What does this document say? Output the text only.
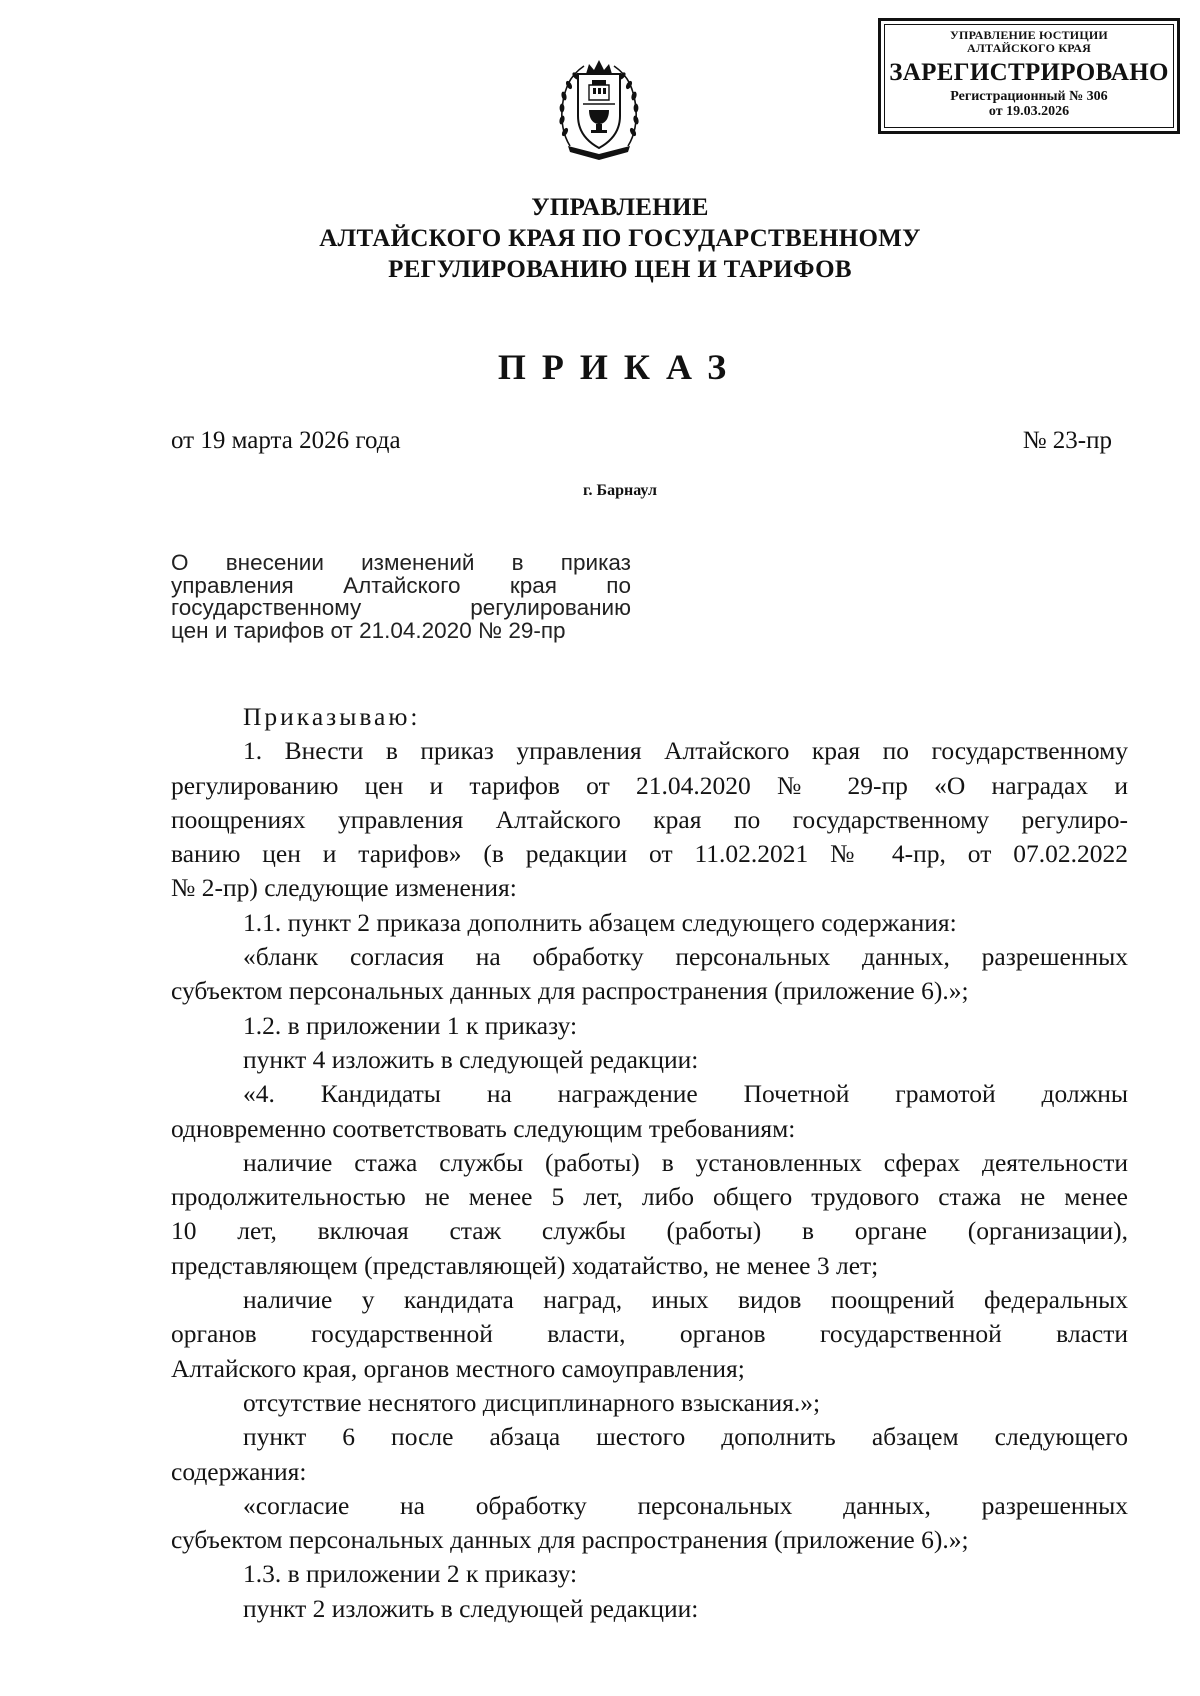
УПРАВЛЕНИЕ ЮСТИЦИИ
АЛТАЙСКОГО КРАЯ
ЗАРЕГИСТРИРОВАНО
Регистрационный № 306
от 19.03.2026
УПРАВЛЕНИЕ
АЛТАЙСКОГО КРАЯ ПО ГОСУДАРСТВЕННОМУ
РЕГУЛИРОВАНИЮ ЦЕН И ТАРИФОВ
ПРИКАЗ
от 19 марта 2026 года	№ 23-пр
г. Барнаул
О внесении изменений в приказ
управления Алтайского края по
государственному регулированию
цен и тарифов от 21.04.2020 № 29-пр
Приказываю:
1. Внести в приказ управления Алтайского края по государственному
регулированию цен и тарифов от 21.04.2020 № 29-пр «О наградах и
поощрениях управления Алтайского края по государственному регулиро-
ванию цен и тарифов» (в редакции от 11.02.2021 № 4-пр, от 07.02.2022
№ 2-пр) следующие изменения:
1.1. пункт 2 приказа дополнить абзацем следующего содержания:
«бланк согласия на обработку персональных данных, разрешенных
субъектом персональных данных для распространения (приложение 6).»;
1.2. в приложении 1 к приказу:
пункт 4 изложить в следующей редакции:
«4. Кандидаты на награждение Почетной грамотой должны
одновременно соответствовать следующим требованиям:
наличие стажа службы (работы) в установленных сферах деятельности
продолжительностью не менее 5 лет, либо общего трудового стажа не менее
10 лет, включая стаж службы (работы) в органе (организации),
представляющем (представляющей) ходатайство, не менее 3 лет;
наличие у кандидата наград, иных видов поощрений федеральных
органов государственной власти, органов государственной власти
Алтайского края, органов местного самоуправления;
отсутствие неснятого дисциплинарного взыскания.»;
пункт 6 после абзаца шестого дополнить абзацем следующего
содержания:
«согласие на обработку персональных данных, разрешенных
субъектом персональных данных для распространения (приложение 6).»;
1.3. в приложении 2 к приказу:
пункт 2 изложить в следующей редакции:
